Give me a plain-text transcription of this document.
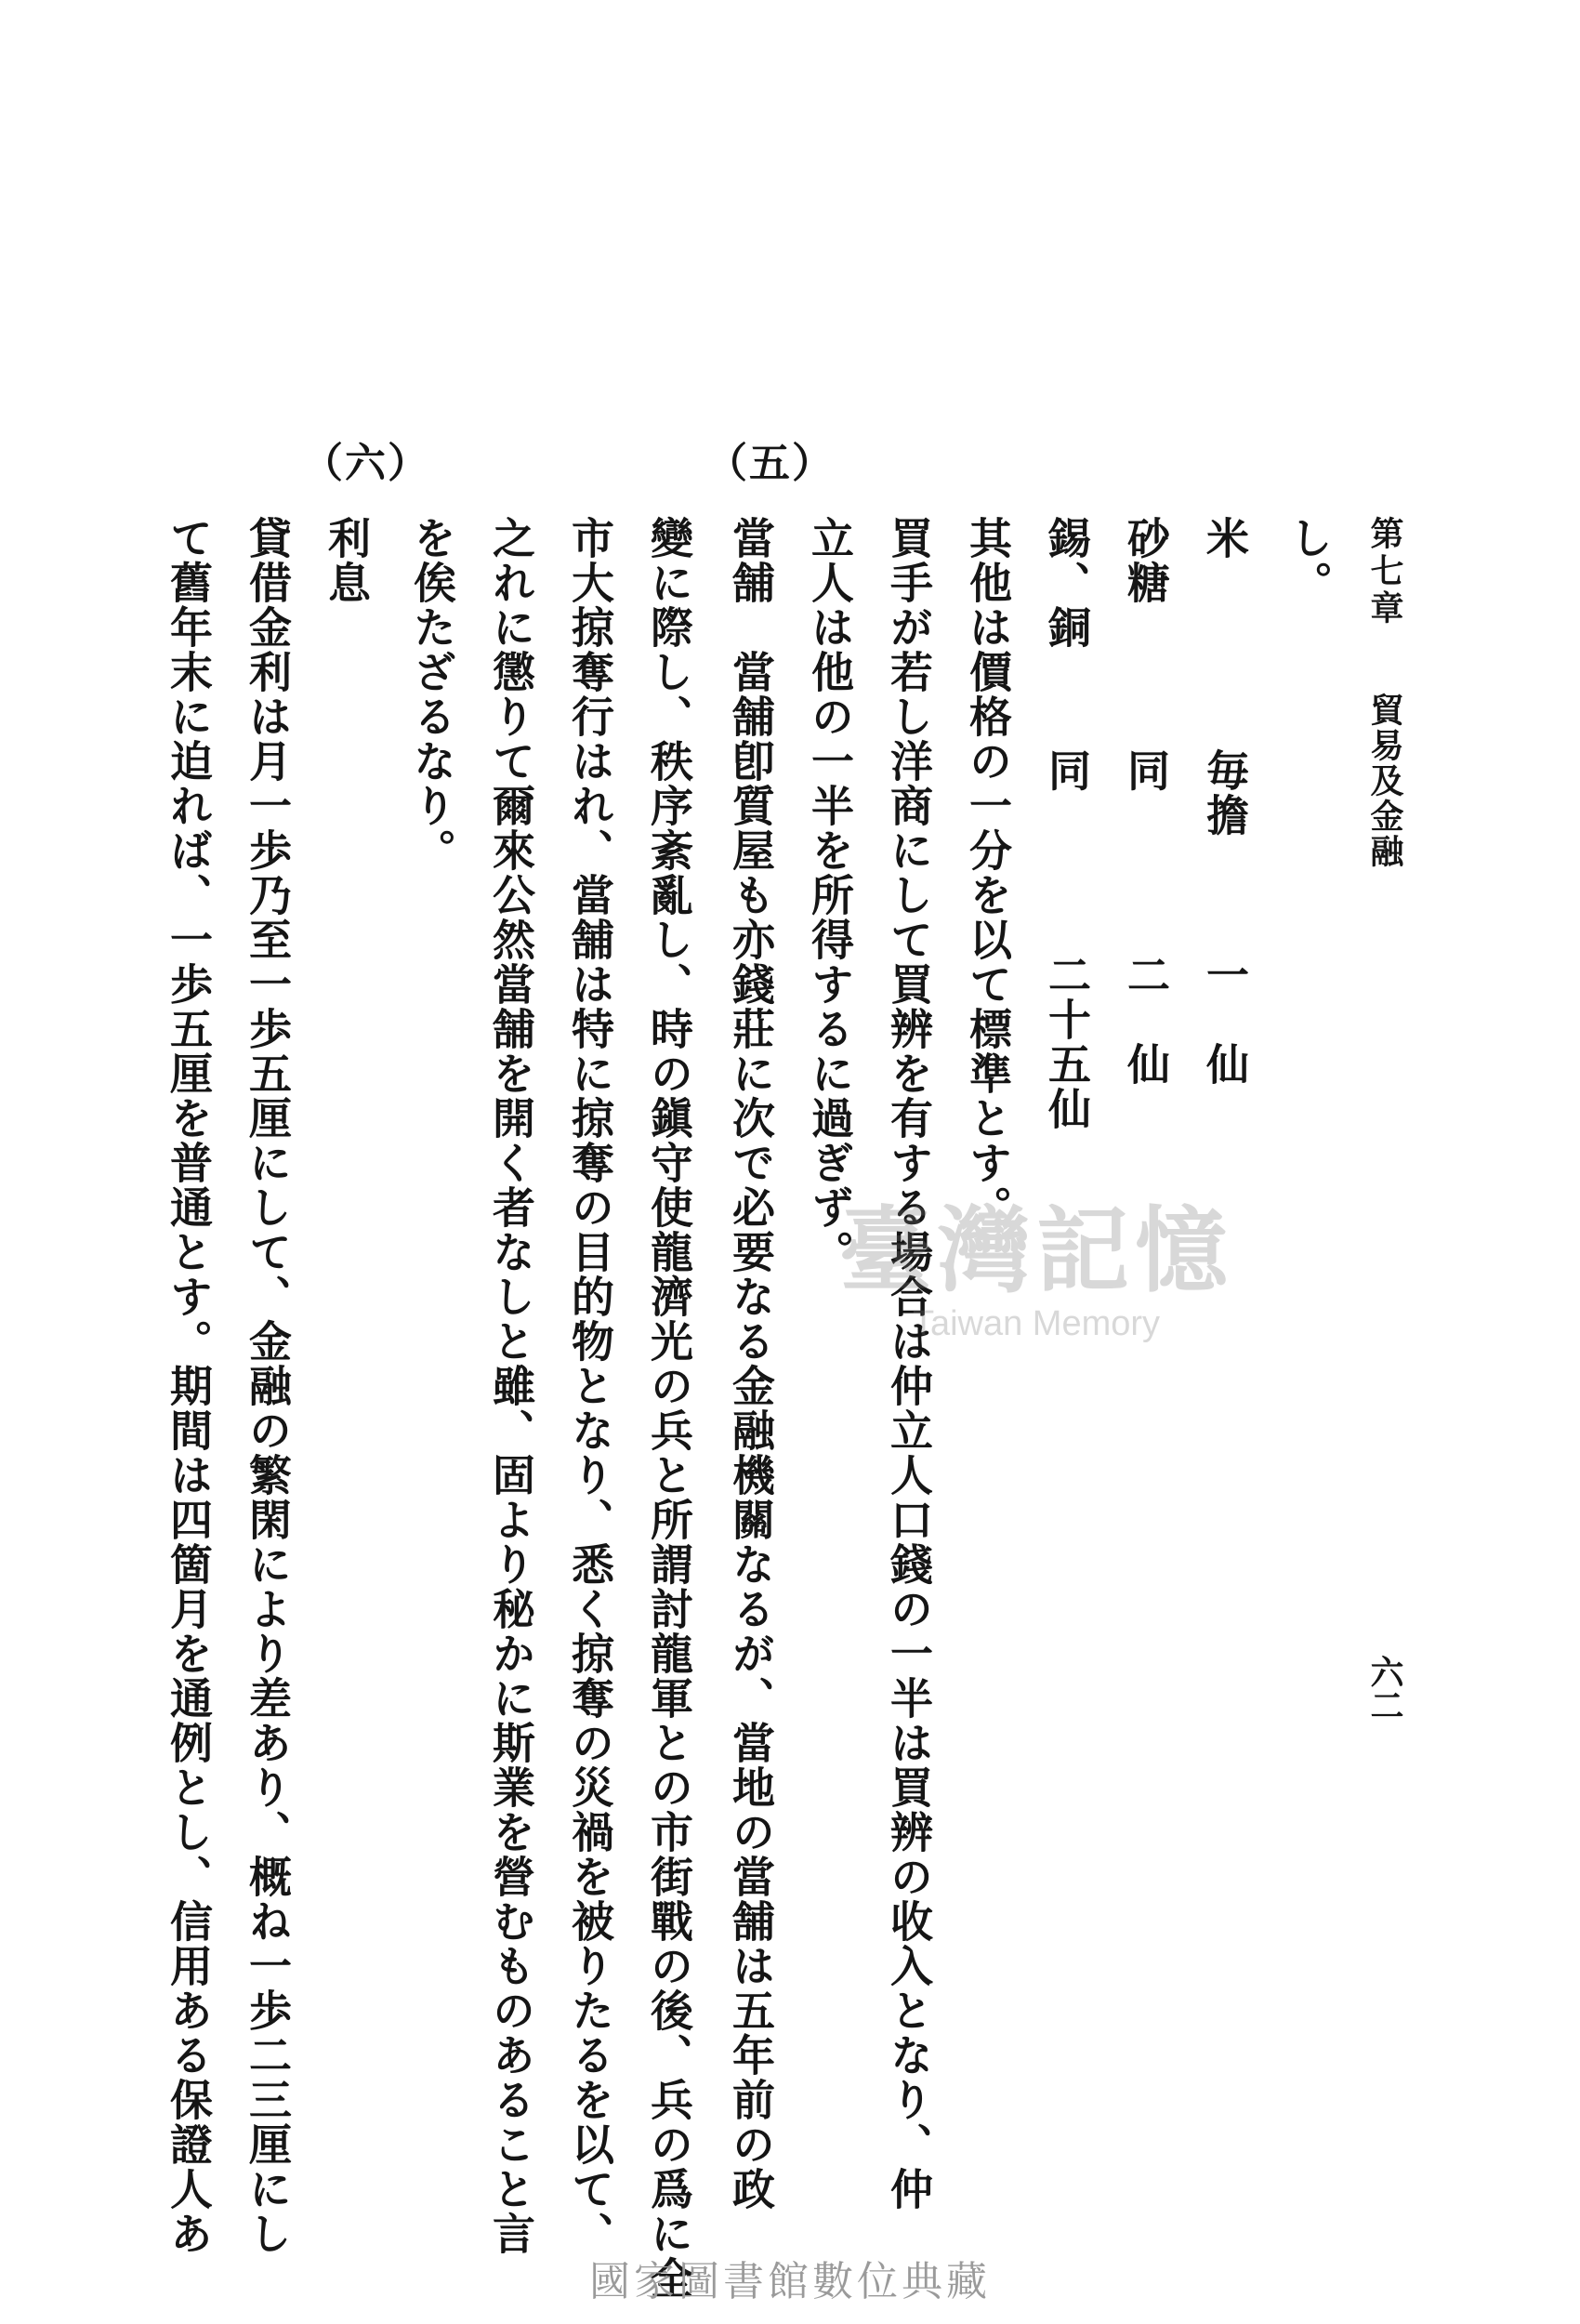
第七章
貿易及金融
六二
し。
米
毎擔
一　仙
砂糖
同
二　仙
錫、銅
同
二十五仙
其他は價格の一分を以て標準とす。
買手が若し洋商にして買辨を有する場合は仲立人口錢の一半は買辨の收入となり、仲
立人は他の一半を所得するに過ぎず。
（五）
當舗　當舗卽質屋も亦錢莊に次で必要なる金融機關なるが、當地の當舗は五年前の政
變に際し、秩序紊亂し、時の鎭守使龍濟光の兵と所謂討龍軍との市街戰の後、兵の爲に全
市大掠奪行はれ、當舗は特に掠奪の目的物となり、悉く掠奪の災禍を被りたるを以て、
之れに懲りて爾來公然當舗を開く者なしと雖、固より秘かに斯業を營むものあること言
を俟たざるなり。
（六）
利息
貸借金利は月一歩乃至一歩五厘にして、金融の繁閑により差あり、概ね一歩二三厘にし
て舊年末に迫れば、一歩五厘を普通とす。期間は四箇月を通例とし、信用ある保證人あ	臺灣記憶
Taiwan Memory
國家圖書館數位典藏
